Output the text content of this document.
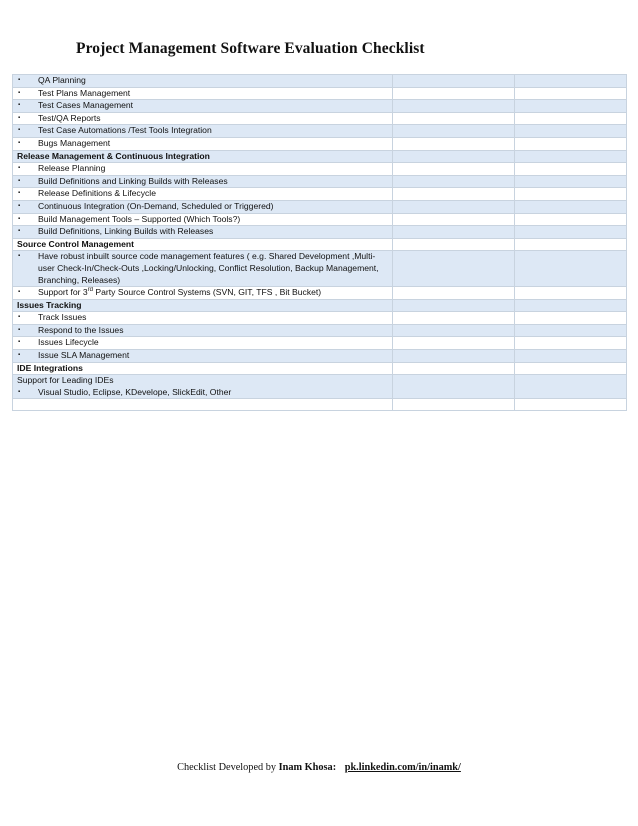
Project Management Software Evaluation Checklist
▪ QA Planning		

▪ Test Plans Management		

▪ Test Cases Management		

▪ Test/QA Reports		

▪ Test Case Automations /Test Tools Integration		

▪ Bugs Management		

Release Management & Continuous Integration		

▪ Release Planning		

▪ Build Definitions and Linking Builds with Releases		

▪ Release Definitions & Lifecycle		

▪ Continuous Integration (On-Demand, Scheduled or Triggered)		

▪ Build Management Tools – Supported (Which Tools?)		

▪ Build Definitions, Linking Builds with Releases		

Source Control Management		

▪ Have robust inbuilt source code management features ( e.g. Shared Development ,Multi-user Check-In/Check-Outs ,Locking/Unlocking, Conflict Resolution, Backup Management, Branching, Releases)		

▪ Support for 3rd Party Source Control Systems (SVN, GIT, TFS , Bit Bucket)		

Issues Tracking		

▪ Track Issues		

▪ Respond to the Issues		

▪ Issues Lifecycle		

▪ Issue SLA Management		

IDE Integrations		

Support for Leading IDEs
▪ Visual Studio, Eclipse, KDevelope, SlickEdit, Other		

Checklist Developed by Inam Khosa: pk.linkedin.com/in/inamk/
